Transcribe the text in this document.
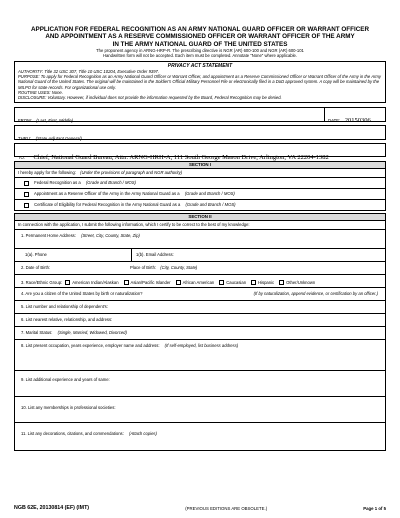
APPLICATION FOR FEDERAL RECOGNITION AS AN ARMY NATIONAL GUARD OFFICER OR WARRANT OFFICER
AND APPOINTMENT AS A RESERVE COMMISSIONED OFFICER OR WARRANT OFFICER OF THE ARMY
IN THE ARMY NATIONAL GUARD OF THE UNITED STATES
The proponent agency in ARNG-HRP-R. The prescribing directive is NGR (AR) 600-100 and NGR (AR) 600-101
Handwritten form will not be accepted. Each item must be completed. Annotate "None" where applicable.
PRIVACY ACT STATEMENT

AUTHORITY: Title 32 USC 307, Title 10 USC 10204, Executive Order 9397.

PURPOSE: To apply for Federal Recognition as an Army National Guard Officer or Warrant Officer, and appointment as a Reserve Commissioned Officer or Warrant Officer of the Army in the Army National Guard of the United States. The original will be maintained in the Soldier's Official Military Personnel File or electronically filed in a DoD approved system. A copy will be maintained by the MILPO for state records. For organizational use only.

ROUTINE USES: None.

DISCLOSURE: Voluntary. However, if individual does not provide the information requested by the Board, Federal Recognition may be denied.

FROM: (Last, First, Middle)	DATE: 20150306
THRU: (State Adjutant General)
TO: Chief, National Guard Bureau, Attn: ARNG-HRH-A, 111 South George Mason Drive, Arlington, VA 22204-1382
SECTION I
I hereby apply for the following: (Under the provisions of paragraph and NGR authority)
Federal Recognition as a (Grade and Branch / MOS)
Appointment as a Reserve Officer of the Army in the Army National Guard as a (Grade and Branch / MOS)
Certificate of Eligibility for Federal Recognition in the Army National Guard as a (Grade and Branch / MOS)
SECTION II
In connection with the application, I submit the following information, which I certify to be correct to the best of my knowledge:
1. Permanent Home Address: (Street, City, County, State, Zip)
1(a). Phone	1(b). Email Address:
2. Date of Birth:	Place of Birth: (City, County, State)
3. Race/Ethnic Group: American Indian/Alaskan	Asian/Pacific Islander	African American	Caucasian	Hispanic	Other/Unknown
4. Are you a citizen of the United States by birth or naturalization?	(If by naturalization, append evidence, or certification by an officer.)
5. List number and relationship of dependent's:
6. List nearest relative, relationship, and address:
7. Marital Status: (Single, Married, Widowed, Divorced)
8. List present occupation, years experience, employer name and address: (If self-employed, list business address)
9. List additional experience and years of same:
10. List any memberships in professional societies:
11. List any decorations, citations, and commendations: (Attach copies)
NGB 62E, 20130814 (EF) (IMT)	(PREVIOUS EDITIONS ARE OBSOLETE.)	Page 1 of 5
